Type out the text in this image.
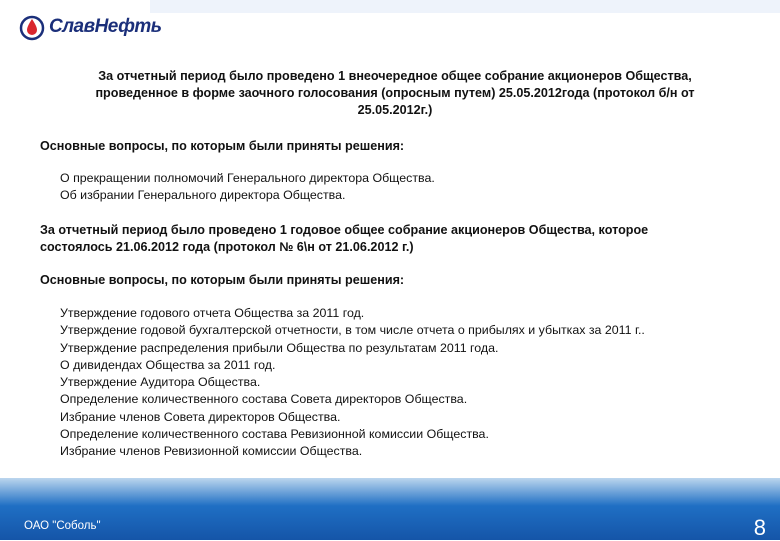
СлавНефть
За отчетный период было проведено 1 внеочередное общее собрание акционеров Общества,
проведенное в форме заочного голосования (опросным путем) 25.05.2012года (протокол б/н от
25.05.2012г.)
Основные вопросы, по которым были приняты решения:
О прекращении полномочий Генерального директора Общества.
Об избрании Генерального директора Общества.
За отчетный период было проведено 1 годовое общее собрание акционеров Общества, которое
состоялось 21.06.2012 года (протокол № 6\н от 21.06.2012 г.)
Основные вопросы, по которым были приняты решения:
Утверждение годового отчета Общества за 2011 год.
Утверждение годовой бухгалтерской отчетности, в том числе отчета о прибылях и убытках за 2011 г..
Утверждение распределения прибыли Общества по результатам 2011 года.
О дивидендах Общества за 2011 год.
Утверждение Аудитора Общества.
Определение количественного состава Совета директоров Общества.
Избрание членов Совета директоров Общества.
Определение количественного состава Ревизионной комиссии Общества.
Избрание членов Ревизионной комиссии Общества.
ОАО "Соболь"	8
